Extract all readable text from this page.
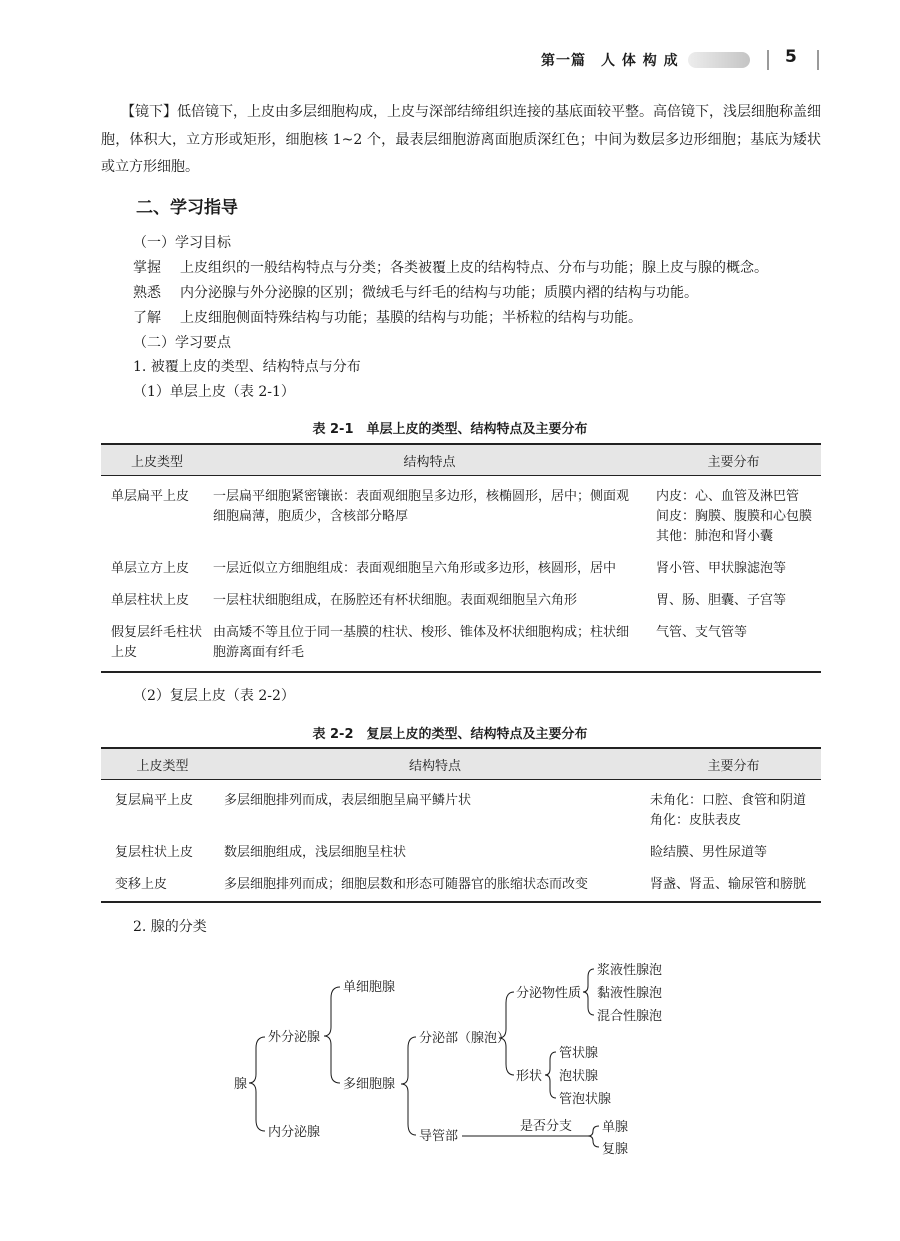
第一篇　人 体 构 成	5

【镜下】低倍镜下，上皮由多层细胞构成，上皮与深部结缔组织连接的基底面较平整。高倍镜下，浅层细胞称盖细胞，体积大，立方形或矩形，细胞核 1~2 个，最表层细胞游离面胞质深红色；中间为数层多边形细胞；基底为矮状或立方形细胞。

二、学习指导
（一）学习目标
掌握 上皮组织的一般结构特点与分类；各类被覆上皮的结构特点、分布与功能；腺上皮与腺的概念。
熟悉 内分泌腺与外分泌腺的区别；微绒毛与纤毛的结构与功能；质膜内褶的结构与功能。
了解 上皮细胞侧面特殊结构与功能；基膜的结构与功能；半桥粒的结构与功能。
（二）学习要点
1. 被覆上皮的类型、结构特点与分布
（1）单层上皮（表 2-1）
表 2-1　单层上皮的类型、结构特点及主要分布
上皮类型	结构特点	主要分布
单层扁平上皮	一层扁平细胞紧密镶嵌：表面观细胞呈多边形，核椭圆形，居中；侧面观细胞扁薄，胞质少，含核部分略厚	内皮：心、血管及淋巴管
间皮：胸膜、腹膜和心包膜
其他：肺泡和肾小囊

单层立方上皮	一层近似立方细胞组成：表面观细胞呈六角形或多边形，核圆形，居中	肾小管、甲状腺滤泡等

单层柱状上皮	一层柱状细胞组成，在肠腔还有杯状细胞。表面观细胞呈六角形	胃、肠、胆囊、子宫等

假复层纤毛柱状上皮	由高矮不等且位于同一基膜的柱状、梭形、锥体及杯状细胞构成；柱状细胞游离面有纤毛	气管、支气管等
（2）复层上皮（表 2-2）
表 2-2　复层上皮的类型、结构特点及主要分布
上皮类型	结构特点	主要分布
复层扁平上皮	多层细胞排列而成，表层细胞呈扁平鳞片状	未角化：口腔、食管和阴道
角化：皮肤表皮

复层柱状上皮	数层细胞组成，浅层细胞呈柱状	睑结膜、男性尿道等

变移上皮	多层细胞排列而成；细胞层数和形态可随器官的胀缩状态而改变	肾盏、肾盂、输尿管和膀胱
2. 腺的分类
腺
外分泌腺
内分泌腺
单细胞腺
多细胞腺
分泌部（腺泡）
导管部
分泌物性质
形状
浆液性腺泡
黏液性腺泡
混合性腺泡
管状腺
泡状腺
管泡状腺
是否分支 单腺
复腺
